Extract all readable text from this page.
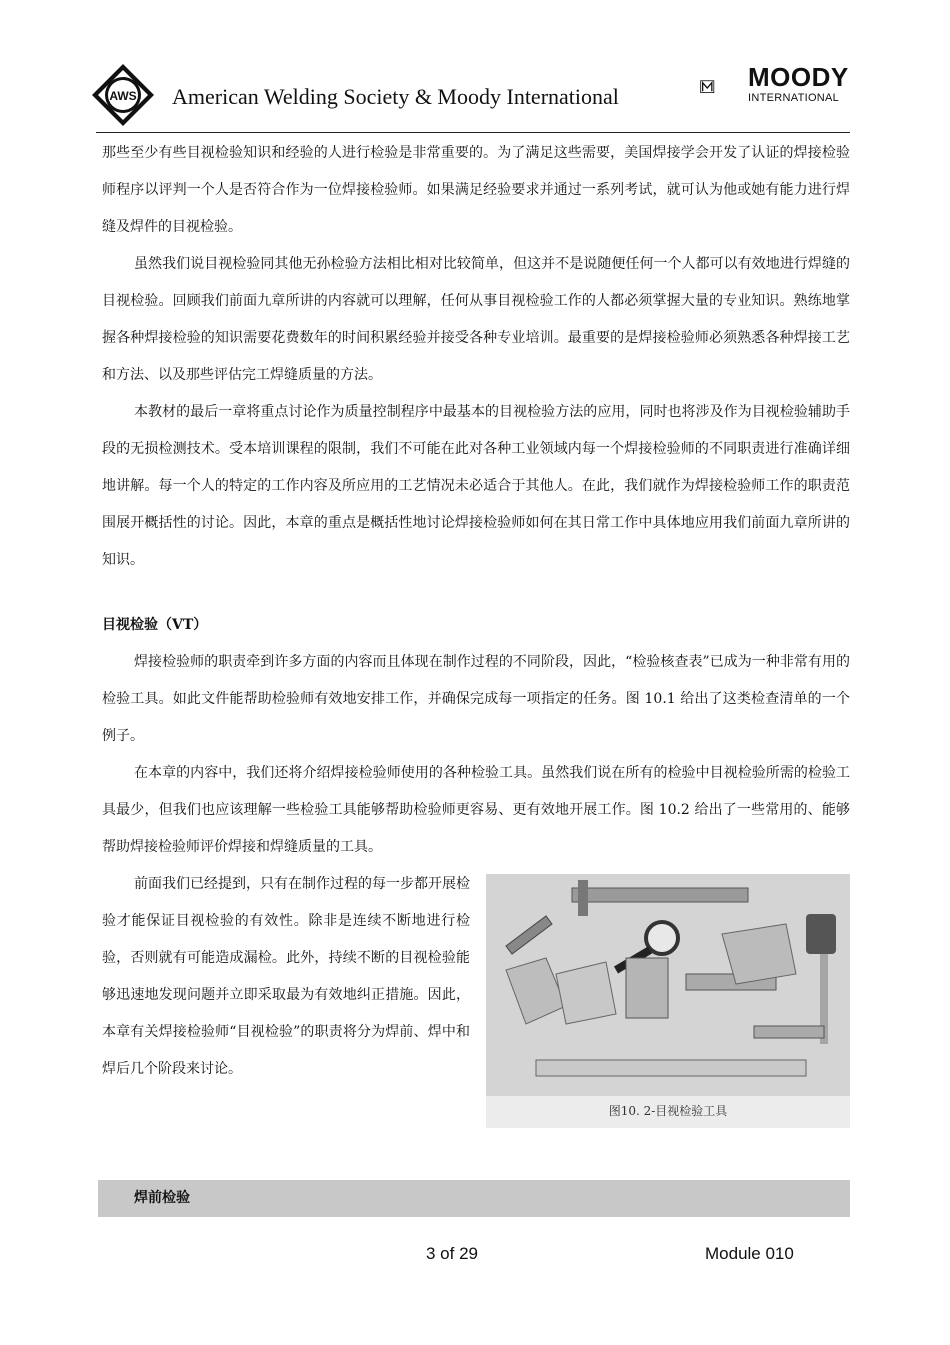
AWS American Welding Society & Moody International
MOODY
INTERNATIONAL

那些至少有些目视检验知识和经验的人进行检验是非常重要的。为了满足这些需要，美国焊接学会开发了认证的焊接检验师程序以评判一个人是否符合作为一位焊接检验师。如果满足经验要求并通过一系列考试，就可认为他或她有能力进行焊缝及焊件的目视检验。

虽然我们说目视检验同其他无孙检验方法相比相对比较简单，但这并不是说随便任何一个人都可以有效地进行焊缝的目视检验。回顾我们前面九章所讲的内容就可以理解，任何从事目视检验工作的人都必须掌握大量的专业知识。熟练地掌握各种焊接检验的知识需要花费数年的时间积累经验并接受各种专业培训。最重要的是焊接检验师必须熟悉各种焊接工艺和方法、以及那些评估完工焊缝质量的方法。

本教材的最后一章将重点讨论作为质量控制程序中最基本的目视检验方法的应用，同时也将涉及作为目视检验辅助手段的无损检测技术。受本培训课程的限制，我们不可能在此对各种工业领域内每一个焊接检验师的不同职责进行准确详细地讲解。每一个人的特定的工作内容及所应用的工艺情况未必适合于其他人。在此，我们就作为焊接检验师工作的职责范围展开概括性的讨论。因此，本章的重点是概括性地讨论焊接检验师如何在其日常工作中具体地应用我们前面九章所讲的知识。

目视检验（VT）

焊接检验师的职责牵到许多方面的内容而且体现在制作过程的不同阶段，因此，“检验核查表”已成为一种非常有用的检验工具。如此文件能帮助检验师有效地安排工作，并确保完成每一项指定的任务。图 10.1 给出了这类检查清单的一个例子。

在本章的内容中，我们还将介绍焊接检验师使用的各种检验工具。虽然我们说在所有的检验中目视检验所需的检验工具最少，但我们也应该理解一些检验工具能够帮助检验师更容易、更有效地开展工作。图 10.2 给出了一些常用的、能够帮助焊接检验师评价焊接和焊缝质量的工具。

前面我们已经提到，只有在制作过程的每一步都开展检验才能保证目视检验的有效性。除非是连续不断地进行检验，否则就有可能造成漏检。此外，持续不断的目视检验能够迅速地发现问题并立即采取最为有效地纠正措施。因此，本章有关焊接检验师“目视检验”的职责将分为焊前、焊中和焊后几个阶段来讨论。

图10. 2-目视检验工具
焊前检验
3 of 29	Module 010
